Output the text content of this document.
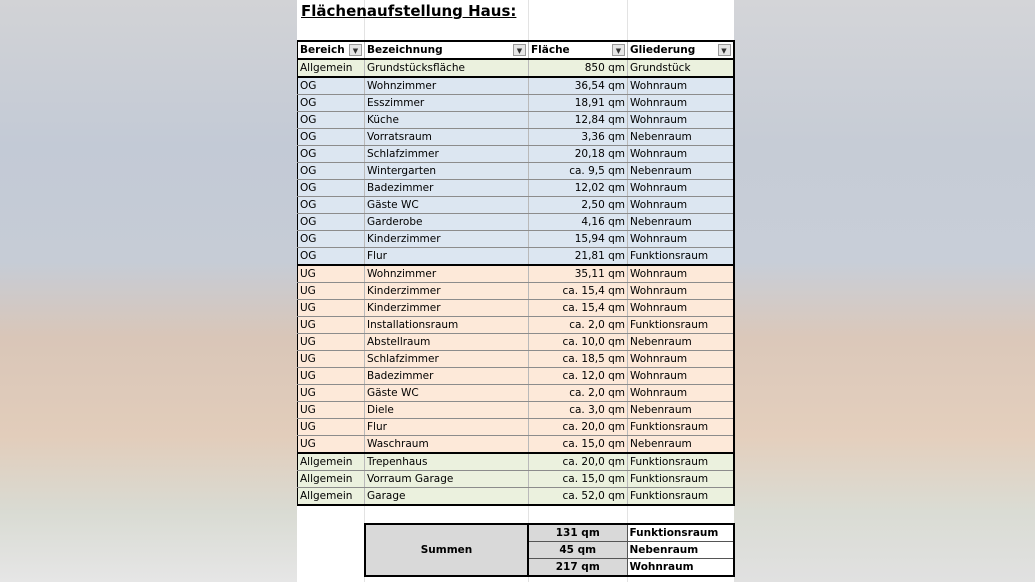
Flächenaufstellung Haus:
Bereich ▼	Bezeichnung ▼	Fläche ▼	Gliederung ▼

Allgemein	Grundstücksfläche	850 qm	Grundstück
OG	Wohnzimmer	36,54 qm	Wohnraum
OG	Esszimmer	18,91 qm	Wohnraum
OG	Küche	12,84 qm	Wohnraum
OG	Vorratsraum	3,36 qm	Nebenraum
OG	Schlafzimmer	20,18 qm	Wohnraum
OG	Wintergarten	ca. 9,5 qm	Nebenraum
OG	Badezimmer	12,02 qm	Wohnraum
OG	Gäste WC	2,50 qm	Wohnraum
OG	Garderobe	4,16 qm	Nebenraum
OG	Kinderzimmer	15,94 qm	Wohnraum
OG	Flur	21,81 qm	Funktionsraum
UG	Wohnzimmer	35,11 qm	Wohnraum
UG	Kinderzimmer	ca. 15,4 qm	Wohnraum
UG	Kinderzimmer	ca. 15,4 qm	Wohnraum
UG	Installationsraum	ca. 2,0 qm	Funktionsraum
UG	Abstellraum	ca. 10,0 qm	Nebenraum
UG	Schlafzimmer	ca. 18,5 qm	Wohnraum
UG	Badezimmer	ca. 12,0 qm	Wohnraum
UG	Gäste WC	ca. 2,0 qm	Wohnraum
UG	Diele	ca. 3,0 qm	Nebenraum
UG	Flur	ca. 20,0 qm	Funktionsraum
UG	Waschraum	ca. 15,0 qm	Nebenraum
Allgemein	Trepenhaus	ca. 20,0 qm	Funktionsraum
Allgemein	Vorraum Garage	ca. 15,0 qm	Funktionsraum
Allgemein	Garage	ca. 52,0 qm	Funktionsraum
Summen	131 qm	Funktionsraum
	45 qm	Nebenraum
	217 qm	Wohnraum
